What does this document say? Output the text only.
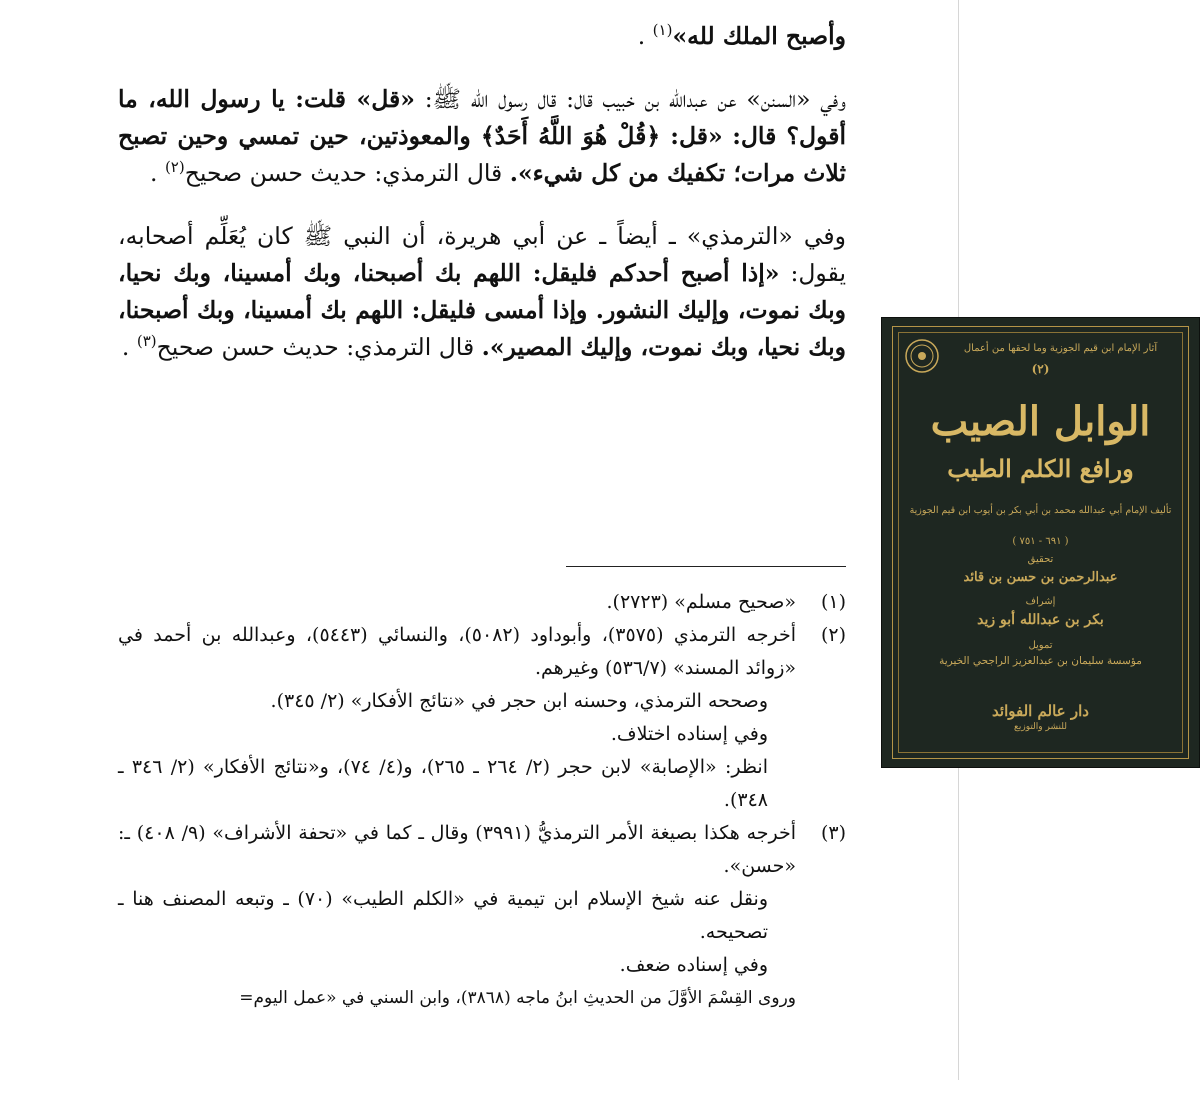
وأصبح الملك لله»$^{(١)}$ .

وفي «السنن» عن عبدالله بن خبيب قال: قال رسول الله ﷺ: «قل» قلت: يا رسول الله، ما أقول؟ قال: «قل: ﴿قُلْ هُوَ اللَّهُ أَحَدٌ﴾ والمعوذتين، حين تمسي وحين تصبح ثلاث مرات؛ تكفيك من كل شيء». قال الترمذي: حديث حسن صحيح$^{(٢)}$ .

وفي «الترمذي» ـ أيضاً ـ عن أبي هريرة، أن النبي ﷺ كان يُعَلِّم أصحابه، يقول: «إذا أصبح أحدكم فليقل: اللهم بك أصبحنا، وبك أمسينا، وبك نحيا، وبك نموت، وإليك النشور. وإذا أمسى فليقل: اللهم بك أمسينا، وبك أصبحنا، وبك نحيا، وبك نموت، وإليك المصير». قال الترمذي: حديث حسن صحيح$^{(٣)}$ .

(١)

«صحيح مسلم» (٢٧٢٣).

(٢)

أخرجه الترمذي (٣٥٧٥)، وأبوداود (٥٠٨٢)، والنسائي (٥٤٤٣)، وعبدالله بن أحمد في «زوائد المسند» (٥٣٦/٧) وغيرهم.

وصححه الترمذي، وحسنه ابن حجر في «نتائج الأفكار» (٢/ ٣٤٥).

وفي إسناده اختلاف.

انظر: «الإصابة» لابن حجر (٢/ ٢٦٤ ـ ٢٦٥)، و(٤/ ٧٤)، و«نتائج الأفكار» (٢/ ٣٤٦ ـ ٣٤٨).

(٣)

أخرجه هكذا بصيغة الأمر الترمذيُّ (٣٩٩١) وقال ـ كما في «تحفة الأشراف» (٩/ ٤٠٨) ـ: «حسن».

ونقل عنه شيخ الإسلام ابن تيمية في «الكلم الطيب» (٧٠) ـ وتبعه المصنف هنا ـ تصحيحه.

وفي إسناده ضعف.

وروى القِسْمَ الأوَّلَ من الحديثِ ابنُ ماجه (٣٨٦٨)، وابن السني في «عمل اليوم=

آثار الإمام ابن قيم الجوزية وما لحقها من أعمال
(٢)
الوابل الصيب
ورافع الكلم الطيب
تأليف الإمام أبي عبدالله محمد بن أبي بكر بن أيوب ابن قيم الجوزية
( ٦٩١ - ٧٥١ )
تحقيق
عبدالرحمن بن حسن بن قائد
إشراف
بكر بن عبدالله أبو زيد
تمويل
مؤسسة سليمان بن عبدالعزيز الراجحي الخيرية
دار عالم الفوائد
للنشر والتوزيع
